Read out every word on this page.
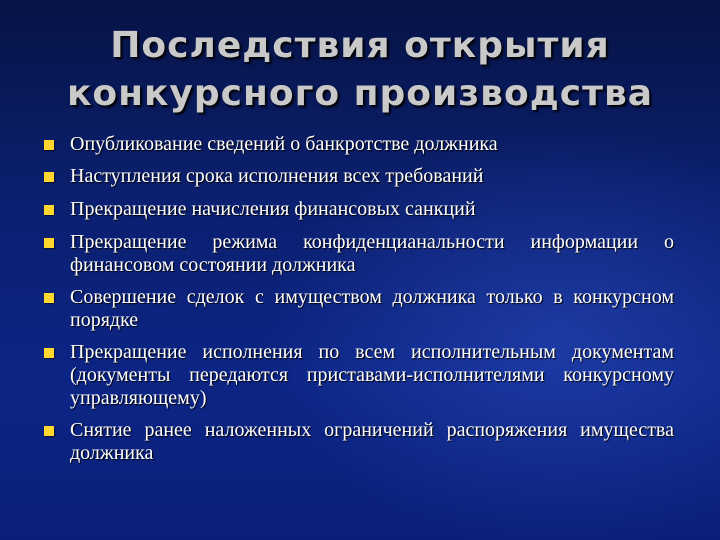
Последствия открытия
конкурсного производства
Опубликование сведений о банкротстве должника
Наступления срока исполнения всех требований
Прекращение начисления финансовых санкций
Прекращение режима конфиденцианальности информации о финансовом состоянии должника
Совершение сделок с имуществом должника только в конкурсном порядке
Прекращение исполнения по всем исполнительным документам (документы передаются приставами-исполнителями конкурсному управляющему)
Снятие ранее наложенных ограничений распоряжения имущества должника
